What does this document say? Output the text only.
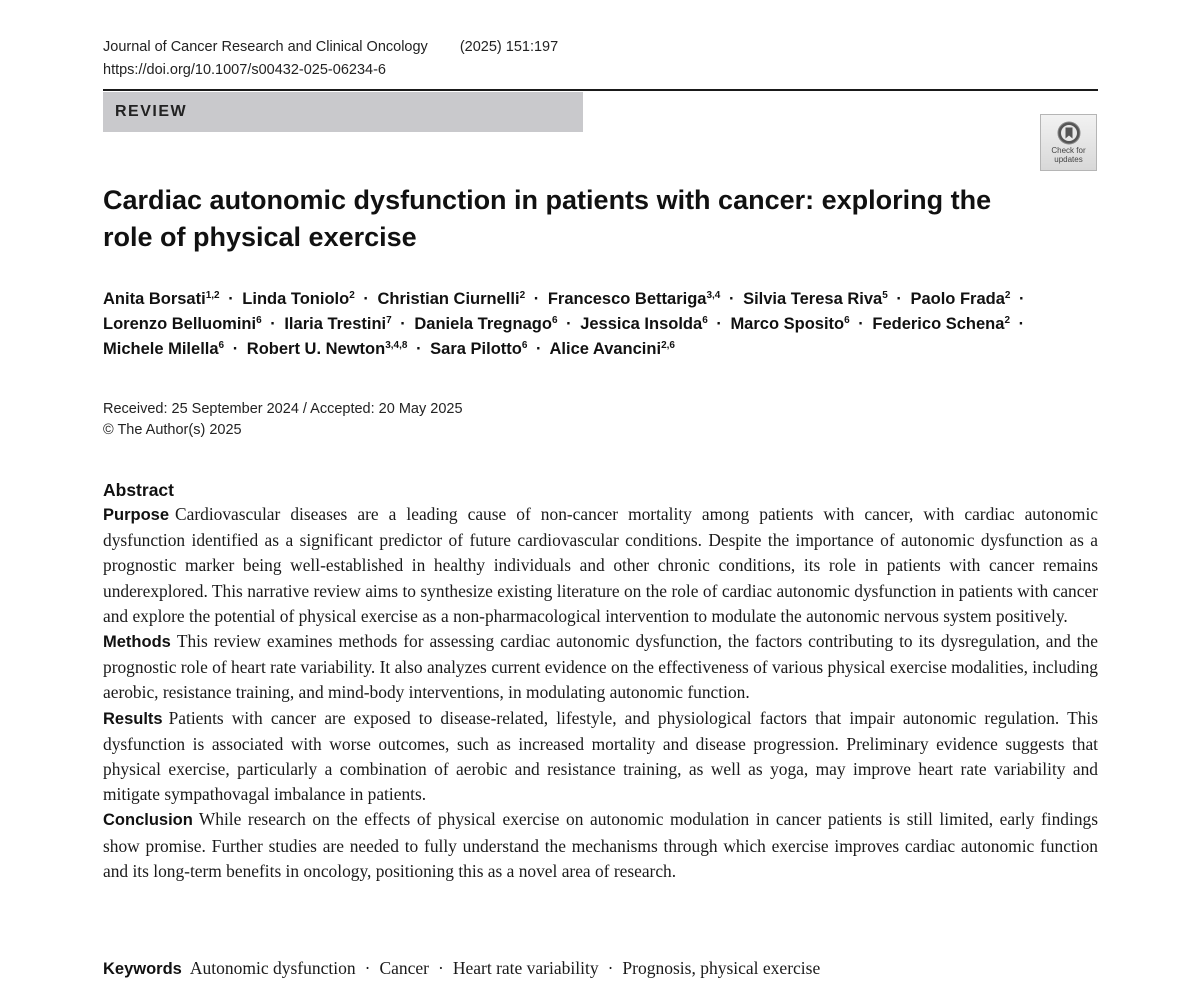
Journal of Cancer Research and Clinical Oncology (2025) 151:197
https://doi.org/10.1007/s00432-025-06234-6
REVIEW
Check for
updates
Cardiac autonomic dysfunction in patients with cancer: exploring the role of physical exercise
Anita Borsati$^{1,2}$ · Linda Toniolo$^2$ · Christian Ciurnelli$^2$ · Francesco Bettariga$^{3,4}$ · Silvia Teresa Riva$^5$ · Paolo Frada$^2$ · Lorenzo Belluomini$^6$ · Ilaria Trestini$^7$ · Daniela Tregnago$^6$ · Jessica Insolda$^6$ · Marco Sposito$^6$ · Federico Schena$^2$ · Michele Milella$^6$ · Robert U. Newton$^{3,4,8}$ · Sara Pilotto$^6$ · Alice Avancini$^{2,6}$
Received: 25 September 2024 / Accepted: 20 May 2025
© The Author(s) 2025
Abstract

Purpose Cardiovascular diseases are a leading cause of non-cancer mortality among patients with cancer, with cardiac autonomic dysfunction identified as a significant predictor of future cardiovascular conditions. Despite the importance of autonomic dysfunction as a prognostic marker being well-established in healthy individuals and other chronic conditions, its role in patients with cancer remains underexplored. This narrative review aims to synthesize existing literature on the role of cardiac autonomic dysfunction in patients with cancer and explore the potential of physical exercise as a non-pharmacological intervention to modulate the autonomic nervous system positively.

Methods This review examines methods for assessing cardiac autonomic dysfunction, the factors contributing to its dysregulation, and the prognostic role of heart rate variability. It also analyzes current evidence on the effectiveness of various physical exercise modalities, including aerobic, resistance training, and mind-body interventions, in modulating autonomic function.

Results Patients with cancer are exposed to disease-related, lifestyle, and physiological factors that impair autonomic regulation. This dysfunction is associated with worse outcomes, such as increased mortality and disease progression. Preliminary evidence suggests that physical exercise, particularly a combination of aerobic and resistance training, as well as yoga, may improve heart rate variability and mitigate sympathovagal imbalance in patients.

Conclusion While research on the effects of physical exercise on autonomic modulation in cancer patients is still limited, early findings show promise. Further studies are needed to fully understand the mechanisms through which exercise improves cardiac autonomic function and its long-term benefits in oncology, positioning this as a novel area of research.

Keywords Autonomic dysfunction · Cancer · Heart rate variability · Prognosis, physical exercise
